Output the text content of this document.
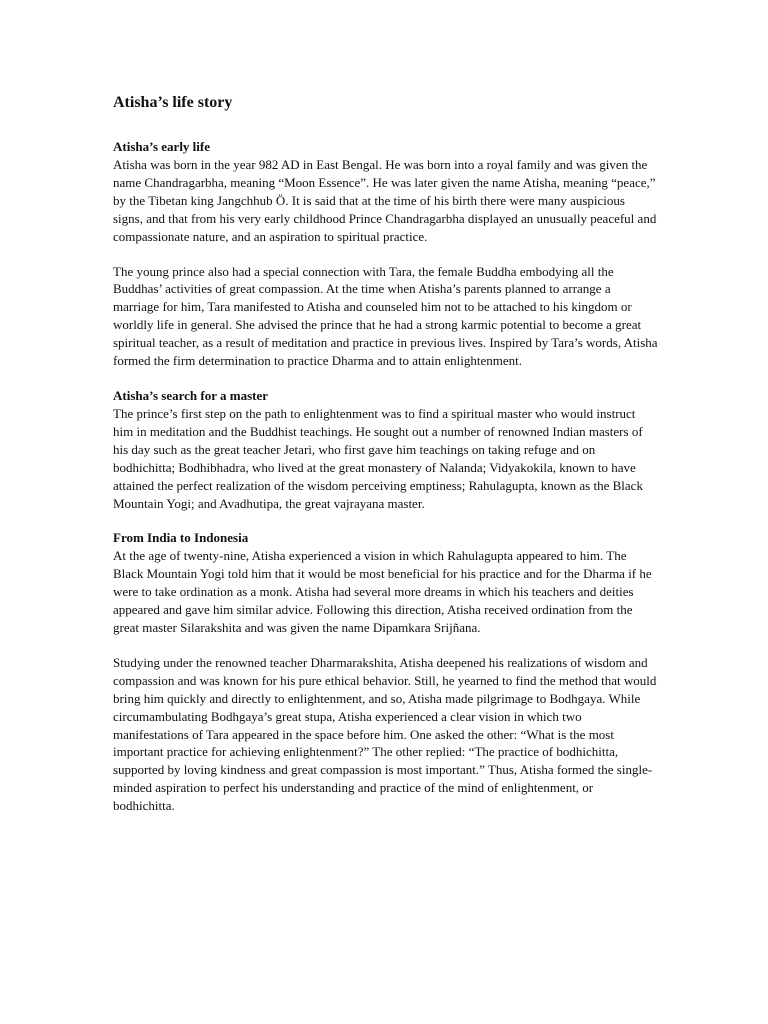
Atisha’s life story
Atisha’s early life

Atisha was born in the year 982 AD in East Bengal. He was born into a royal family and was given the name Chandragarbha, meaning “Moon Essence”. He was later given the name Atisha, meaning “peace,” by the Tibetan king Jangchhub Ö. It is said that at the time of his birth there were many auspicious signs, and that from his very early childhood Prince Chandragarbha displayed an unusually peaceful and compassionate nature, and an aspiration to spiritual practice.

The young prince also had a special connection with Tara, the female Buddha embodying all the Buddhas’ activities of great compassion. At the time when Atisha’s parents planned to arrange a marriage for him, Tara manifested to Atisha and counseled him not to be attached to his kingdom or worldly life in general. She advised the prince that he had a strong karmic potential to become a great spiritual teacher, as a result of meditation and practice in previous lives. Inspired by Tara’s words, Atisha formed the firm determination to practice Dharma and to attain enlightenment.

Atisha’s search for a master

The prince’s first step on the path to enlightenment was to find a spiritual master who would instruct him in meditation and the Buddhist teachings. He sought out a number of renowned Indian masters of his day such as the great teacher Jetari, who first gave him teachings on taking refuge and on bodhichitta; Bodhibhadra, who lived at the great monastery of Nalanda; Vidyakokila, known to have attained the perfect realization of the wisdom perceiving emptiness; Rahulagupta, known as the Black Mountain Yogi; and Avadhutipa, the great vajrayana master.

From India to Indonesia

At the age of twenty-nine, Atisha experienced a vision in which Rahulagupta appeared to him. The Black Mountain Yogi told him that it would be most beneficial for his practice and for the Dharma if he were to take ordination as a monk. Atisha had several more dreams in which his teachers and deities appeared and gave him similar advice. Following this direction, Atisha received ordination from the great master Silarakshita and was given the name Dipamkara Srijñana.

Studying under the renowned teacher Dharmarakshita, Atisha deepened his realizations of wisdom and compassion and was known for his pure ethical behavior. Still, he yearned to find the method that would bring him quickly and directly to enlightenment, and so, Atisha made pilgrimage to Bodhgaya. While circumambulating Bodhgaya’s great stupa, Atisha experienced a clear vision in which two manifestations of Tara appeared in the space before him. One asked the other: “What is the most important practice for achieving enlightenment?” The other replied: “The practice of bodhichitta, supported by loving kindness and great compassion is most important.” Thus, Atisha formed the single-minded aspiration to perfect his understanding and practice of the mind of enlightenment, or bodhichitta.
